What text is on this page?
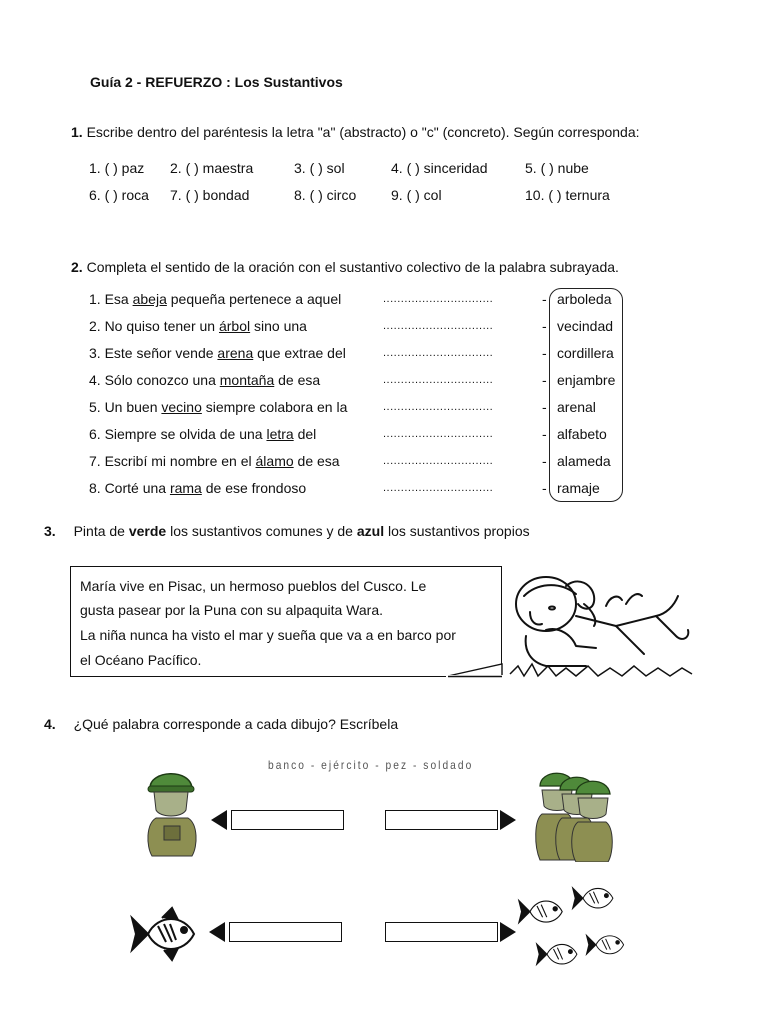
Guía 2 - REFUERZO : Los Sustantivos
1. Escribe dentro del paréntesis la letra "a" (abstracto) o "c" (concreto). Según corresponda:
1. ( ) paz 2. ( ) maestra	3. ( ) sol	4. ( ) sinceridad	5. ( ) nube
6. ( ) roca 7. ( ) bondad	8. ( ) circo 9. ( ) col	10. ( ) ternura
2. Completa el sentido de la oración con el sustantivo colectivo de la palabra subrayada.
1. Esa abeja pequeña pertenece a aquel	...............................	- arboleda
2. No quiso tener un árbol sino una	...............................	- vecindad
3. Este señor vende arena que extrae del	...............................	- cordillera
4. Sólo conozco una montaña de esa	...............................	- enjambre
5. Un buen vecino siempre colabora en la	...............................	- arenal
6. Siempre se olvida de una letra del	...............................	- alfabeto
7. Escribí mi nombre en el álamo de esa	...............................	- alameda
8. Corté una rama de ese frondoso	...............................	- ramaje
3. Pinta de verde los sustantivos comunes y de azul los sustantivos propios
María vive en Pisac, un hermoso pueblos del Cusco. Le
gusta pasear por la Puna con su alpaquita Wara.
La niña nunca ha visto el mar y sueña que va a en barco por
el Océano Pacífico.
4. ¿Qué palabra corresponde a cada dibujo? Escríbela
banco - ejército - pez - soldado
